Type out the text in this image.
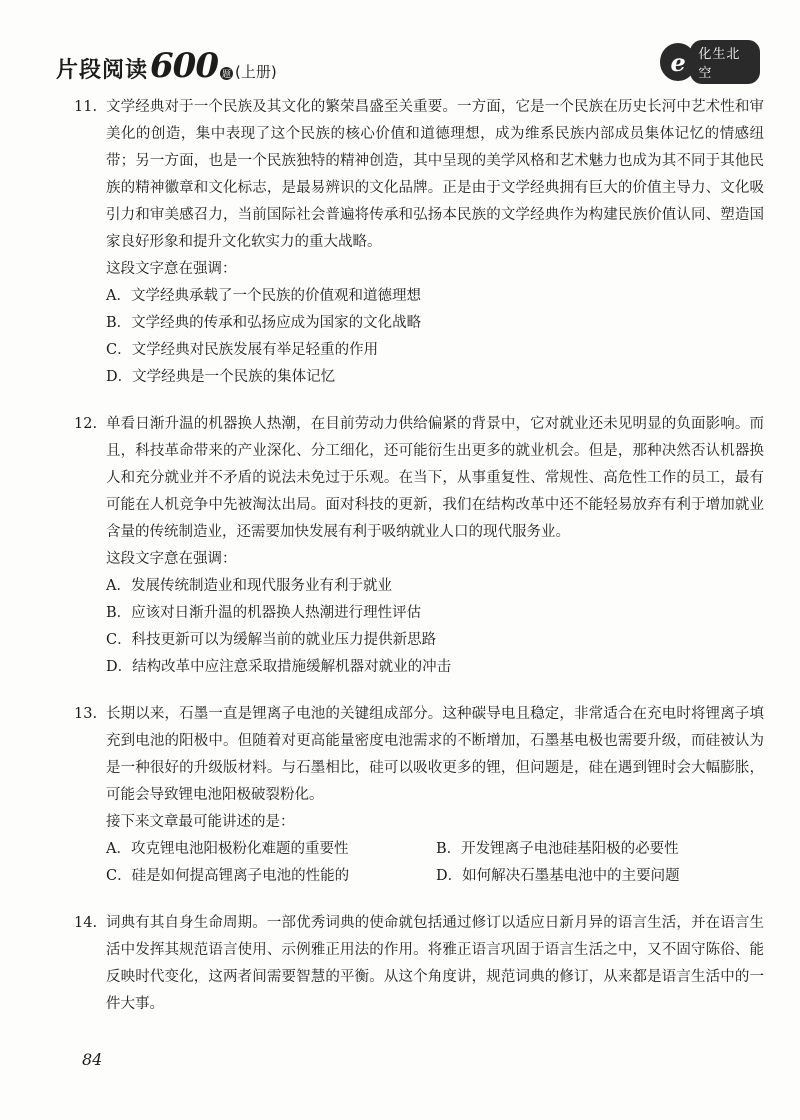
片段阅读 600 题 (上册)	e 化生北空
11. 文学经典对于一个民族及其文化的繁荣昌盛至关重要。一方面，它是一个民族在历史长河中艺术性和审美化的创造，集中表现了这个民族的核心价值和道德理想，成为维系民族内部成员集体记忆的情感纽带；另一方面，也是一个民族独特的精神创造，其中呈现的美学风格和艺术魅力也成为其不同于其他民族的精神徽章和文化标志，是最易辨识的文化品牌。正是由于文学经典拥有巨大的价值主导力、文化吸引力和审美感召力，当前国际社会普遍将传承和弘扬本民族的文学经典作为构建民族价值认同、塑造国家良好形象和提升文化软实力的重大战略。
这段文字意在强调：
A．文学经典承载了一个民族的价值观和道德理想
B．文学经典的传承和弘扬应成为国家的文化战略
C．文学经典对民族发展有举足轻重的作用
D．文学经典是一个民族的集体记忆
12. 单看日渐升温的机器换人热潮，在目前劳动力供给偏紧的背景中，它对就业还未见明显的负面影响。而且，科技革命带来的产业深化、分工细化，还可能衍生出更多的就业机会。但是，那种决然否认机器换人和充分就业并不矛盾的说法未免过于乐观。在当下，从事重复性、常规性、高危性工作的员工，最有可能在人机竞争中先被淘汰出局。面对科技的更新，我们在结构改革中还不能轻易放弃有利于增加就业含量的传统制造业，还需要加快发展有利于吸纳就业人口的现代服务业。
这段文字意在强调：
A．发展传统制造业和现代服务业有利于就业
B．应该对日渐升温的机器换人热潮进行理性评估
C．科技更新可以为缓解当前的就业压力提供新思路
D．结构改革中应注意采取措施缓解机器对就业的冲击
13. 长期以来，石墨一直是锂离子电池的关键组成部分。这种碳导电且稳定，非常适合在充电时将锂离子填充到电池的阳极中。但随着对更高能量密度电池需求的不断增加，石墨基电极也需要升级，而硅被认为是一种很好的升级版材料。与石墨相比，硅可以吸收更多的锂，但问题是，硅在遇到锂时会大幅膨胀，可能会导致锂电池阳极破裂粉化。
接下来文章最可能讲述的是：
A．攻克锂电池阳极粉化难题的重要性	B．开发锂离子电池硅基阳极的必要性
C．硅是如何提高锂离子电池的性能的	D．如何解决石墨基电池中的主要问题
14. 词典有其自身生命周期。一部优秀词典的使命就包括通过修订以适应日新月异的语言生活，并在语言生活中发挥其规范语言使用、示例雅正用法的作用。将雅正语言巩固于语言生活之中，又不固守陈俗、能反映时代变化，这两者间需要智慧的平衡。从这个角度讲，规范词典的修订，从来都是语言生活中的一件大事。
84
